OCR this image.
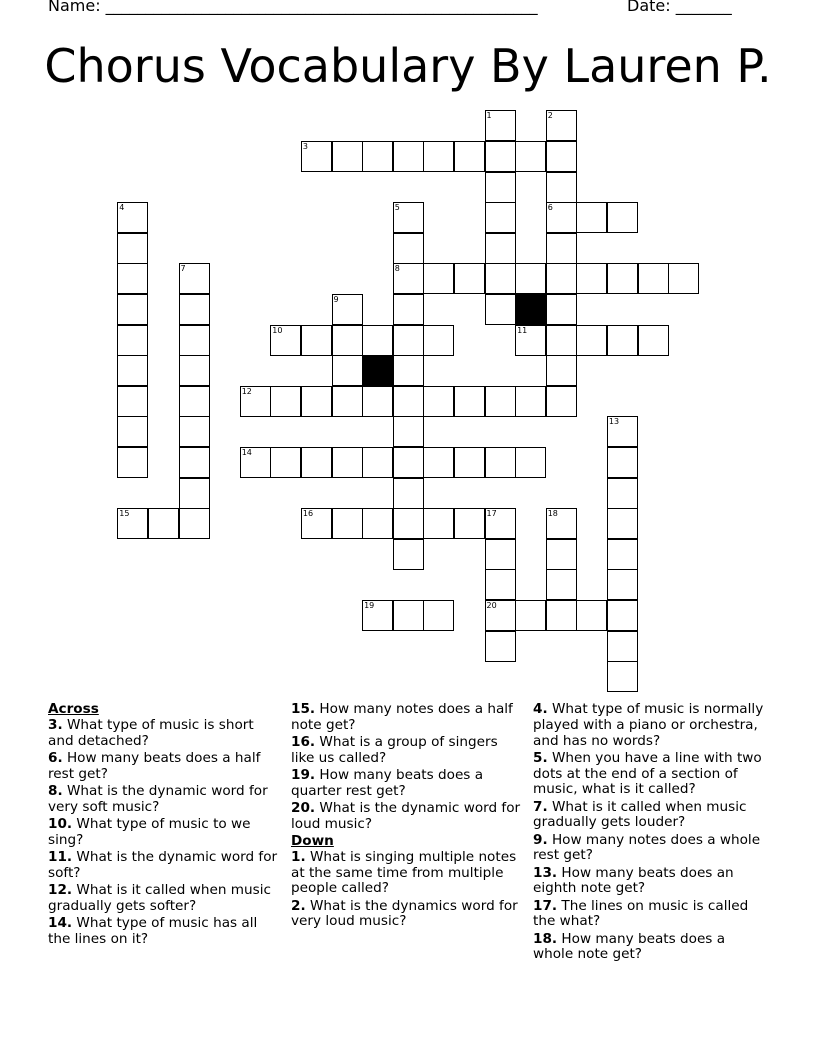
Name: ______________________________________________________	Date: _______
Chorus Vocabulary By Lauren P.
1	2
3
4	5	6
7	8
9
10	11
12
13
14
15	16	17	18
19	20

Across

3. What type of music is short and detached?

6. How many beats does a half rest get?

8. What is the dynamic word for very soft music?

10. What type of music to we sing?

11. What is the dynamic word for soft?

12. What is it called when music gradually gets softer?

14. What type of music has all the lines on it?

15. How many notes does a half note get?

16. What is a group of singers like us called?

19. How many beats does a quarter rest get?

20. What is the dynamic word for loud music?

Down

1. What is singing multiple notes at the same time from multiple people called?

2. What is the dynamics word for very loud music?

4. What type of music is normally played with a piano or orchestra, and has no words?

5. When you have a line with two dots at the end of a section of music, what is it called?

7. What is it called when music gradually gets louder?

9. How many notes does a whole rest get?

13. How many beats does an eighth note get?

17. The lines on music is called the what?

18. How many beats does a whole note get?
